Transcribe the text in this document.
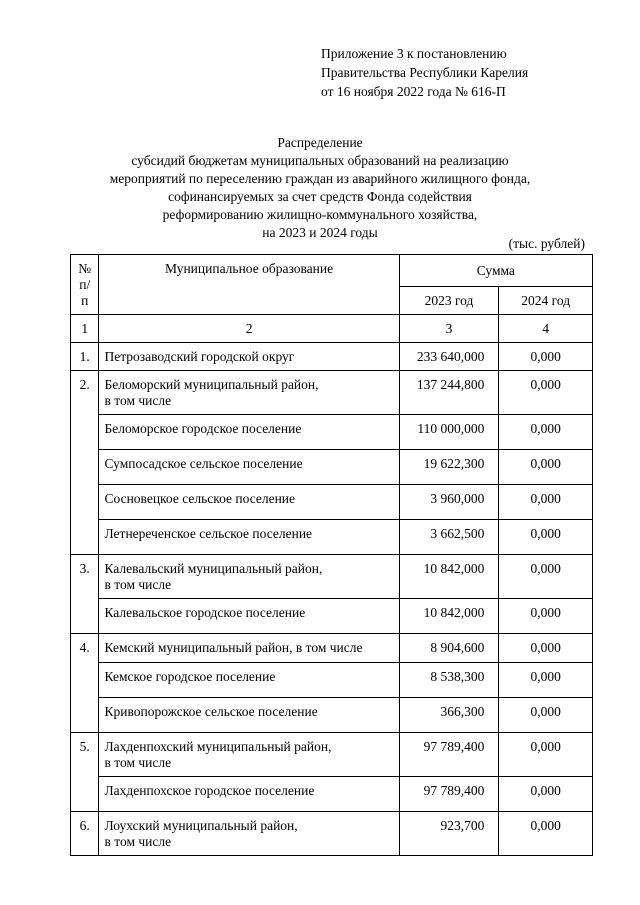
Приложение 3 к постановлению
Правительства Республики Карелия
от 16 ноября 2022 года № 616-П
Распределение
субсидий бюджетам муниципальных образований на реализацию
мероприятий по переселению граждан из аварийного жилищного фонда,
софинансируемых за счет средств Фонда содействия
реформированию жилищно-коммунального хозяйства,
на 2023 и 2024 годы
(тыс. рублей)
№ п/п	Муниципальное образование	Сумма	
		2023 год	2024 год
1	2	3	4
1.	Петрозаводский городской округ	233 640,000	0,000
2.	Беломорский муниципальный район,
в том числе	137 244,800	0,000
	Беломорское городское поселение	110 000,000	0,000
	Сумпосадское сельское поселение	19 622,300	0,000
	Сосновецкое сельское поселение	3 960,000	0,000
	Летнереченское сельское поселение	3 662,500	0,000
3.	Калевальский муниципальный район,
в том числе	10 842,000	0,000
	Калевальское городское поселение	10 842,000	0,000
4.	Кемский муниципальный район, в том числе	8 904,600	0,000
	Кемское городское поселение	8 538,300	0,000
	Кривопорожское сельское поселение	366,300	0,000
5.	Лахденпохский муниципальный район,
в том числе	97 789,400	0,000
	Лахденпохское городское поселение	97 789,400	0,000
6.	Лоухский муниципальный район,
в том числе	923,700	0,000
